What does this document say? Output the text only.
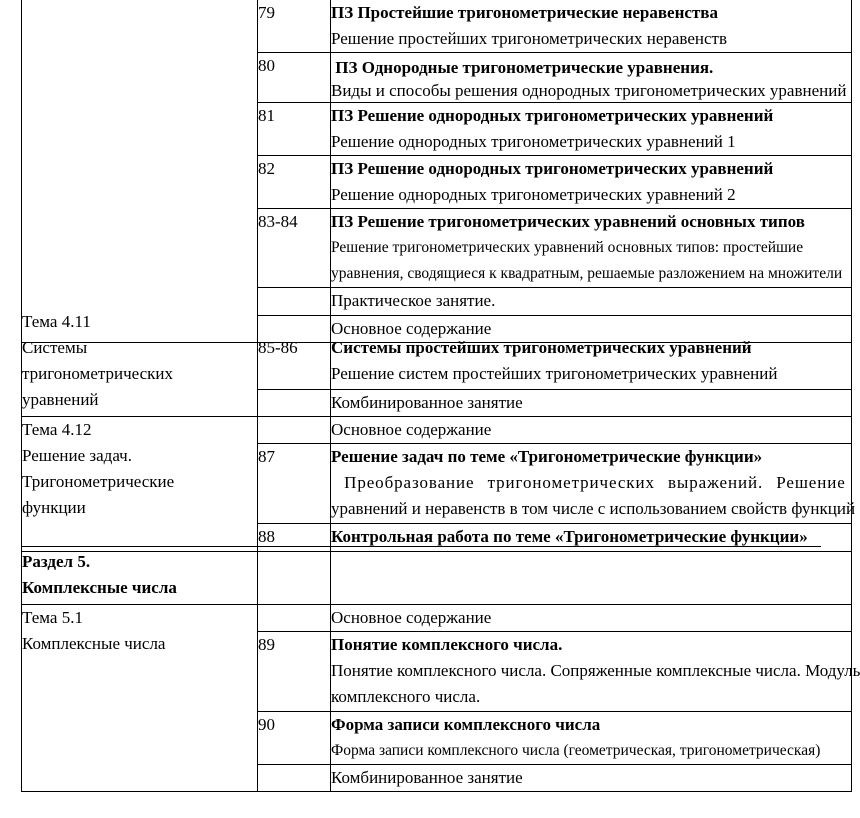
	79	ПЗ Простейшие тригонометрические неравенства
Решение простейших тригонометрических неравенств

	80	ПЗ Однородные тригонометрические уравнения.
Виды и способы решения однородных тригонометрических уравнений

	81	ПЗ Решение однородных тригонометрических уравнений
Решение однородных тригонометрических уравнений 1

	82	ПЗ Решение однородных тригонометрических уравнений
Решение однородных тригонометрических уравнений 2

	83-84	ПЗ Решение тригонометрических уравнений основных типов
Решение тригонометрических уравнений основных типов: простейшие
уравнения, сводящиеся к квадратным, решаемые разложением на множители

		Практическое занятие.
		Основное содержание
Тема 4.11
Системы
тригонометрических
уравнений	85-86	Системы простейших тригонометрических уравнений
Решение систем простейших тригонометрических уравнений

		Комбинированное занятие

Тема 4.12
Решение задач.
Тригонометрические
функции		Основное содержание
	87	Решение задач по теме «Тригонометрические функции»
Преобразование тригонометрических выражений. Решение
уравнений и неравенств в том числе с использованием свойств функций

	88	Контрольная работа по теме «Тригонометрические функции»
Раздел 5.
Комплексные числа		

Тема 5.1
Комплексные числа		Основное содержание
	89	Понятие комплексного числа.
Понятие комплексного числа. Сопряженные комплексные числа. Модуль
комплексного числа.

	90	Форма записи комплексного числа
Форма записи комплексного числа (геометрическая, тригонометрическая)

		Комбинированное занятие
